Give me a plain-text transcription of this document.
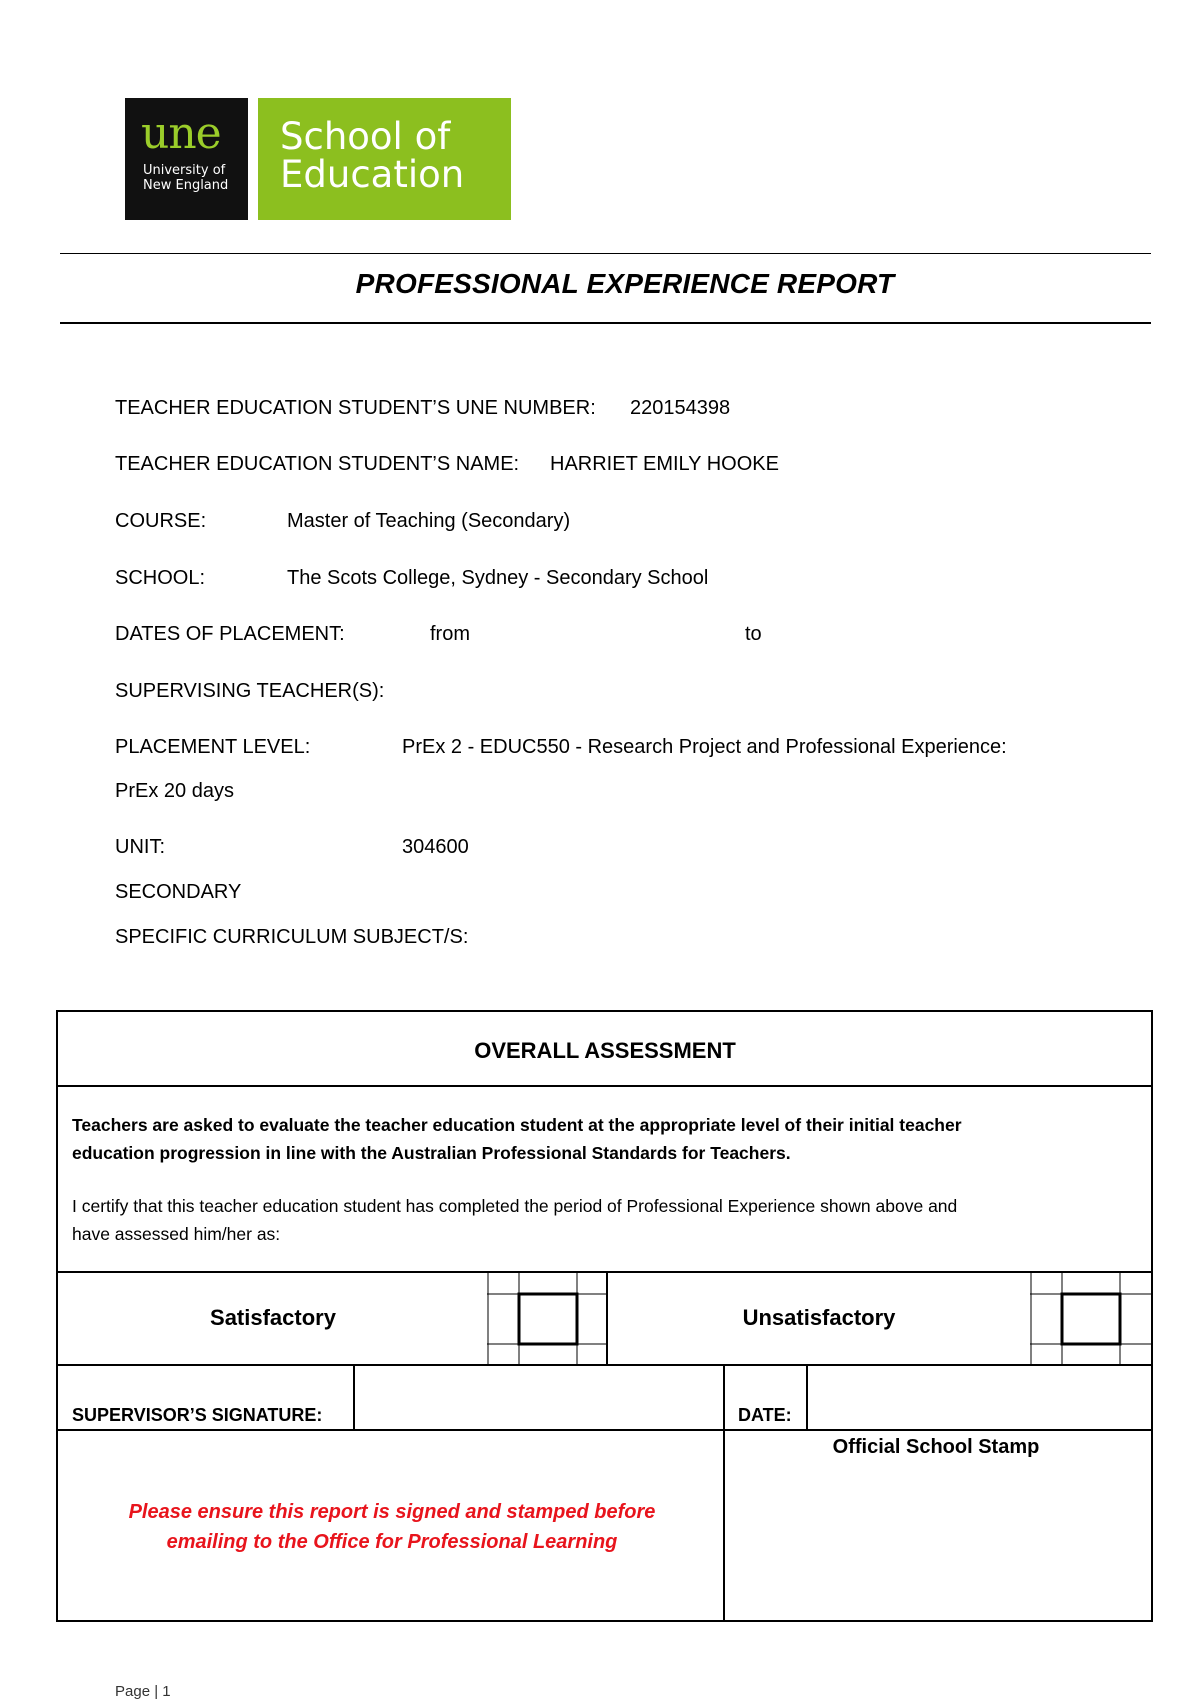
une
University of
New England
School of
Education
PROFESSIONAL EXPERIENCE REPORT
TEACHER EDUCATION STUDENT’S UNE NUMBER: 220154398
TEACHER EDUCATION STUDENT’S NAME: HARRIET EMILY HOOKE
COURSE:	Master of Teaching (Secondary)
SCHOOL:	The Scots College, Sydney - Secondary School
DATES OF PLACEMENT:	from	to
SUPERVISING TEACHER(S):
PLACEMENT LEVEL:	PrEx 2 - EDUC550 - Research Project and Professional Experience:
PrEx 20 days
UNIT:	304600
SECONDARY
SPECIFIC CURRICULUM SUBJECT/S:
OVERALL ASSESSMENT
Teachers are asked to evaluate the teacher education student at the appropriate level of their initial teacher
education progression in line with the Australian Professional Standards for Teachers.
I certify that this teacher education student has completed the period of Professional Experience shown above and
have assessed him/her as:
Satisfactory	Unsatisfactory
SUPERVISOR’S SIGNATURE:	DATE:
Please ensure this report is signed and stamped before
emailing to the Office for Professional Learning
Official School Stamp
Page | 1
